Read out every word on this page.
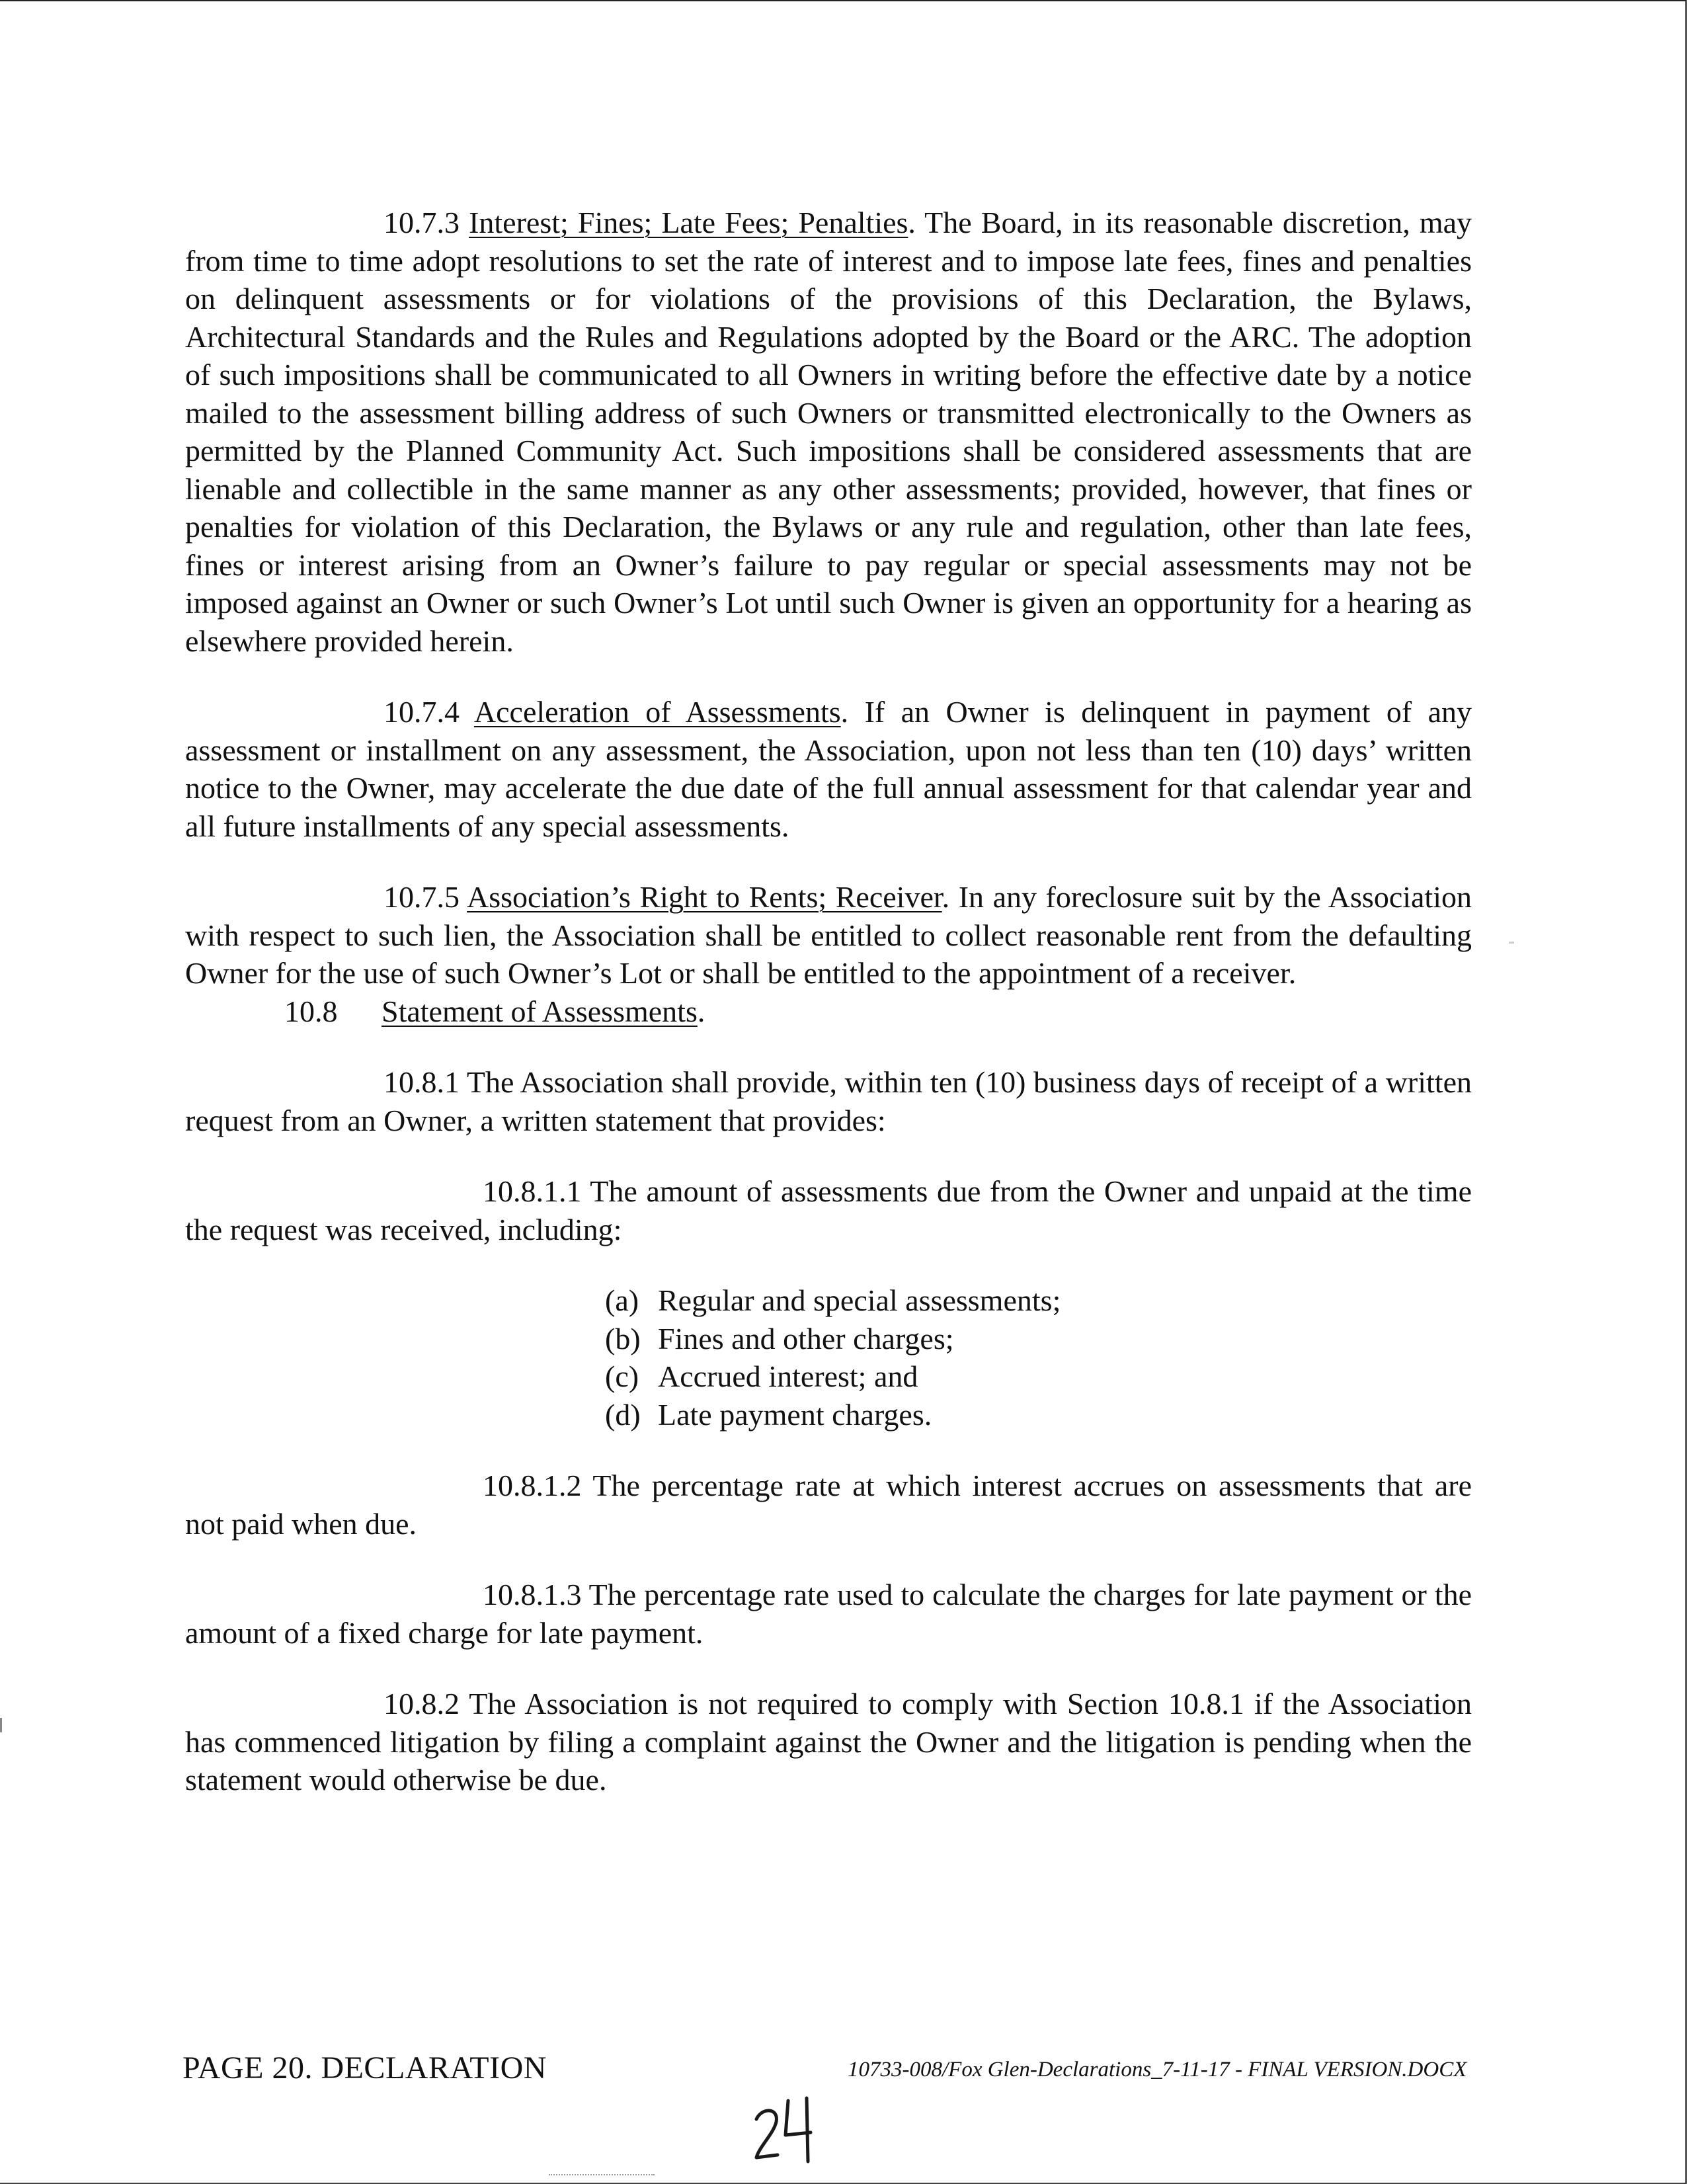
10.7.3 Interest; Fines; Late Fees; Penalties. The Board, in its reasonable discretion, may from time to time adopt resolutions to set the rate of interest and to impose late fees, fines and penalties on delinquent assessments or for violations of the provisions of this Declaration, the Bylaws, Architectural Standards and the Rules and Regulations adopted by the Board or the ARC. The adoption of such impositions shall be communicated to all Owners in writing before the effective date by a notice mailed to the assessment billing address of such Owners or transmitted electronically to the Owners as permitted by the Planned Community Act. Such impositions shall be considered assessments that are lienable and collectible in the same manner as any other assessments; provided, however, that fines or penalties for violation of this Declaration, the Bylaws or any rule and regulation, other than late fees, fines or interest arising from an Owner’s failure to pay regular or special assessments may not be imposed against an Owner or such Owner’s Lot until such Owner is given an opportunity for a hearing as elsewhere provided herein.

10.7.4 Acceleration of Assessments. If an Owner is delinquent in payment of any assessment or installment on any assessment, the Association, upon not less than ten (10) days’ written notice to the Owner, may accelerate the due date of the full annual assessment for that calendar year and all future installments of any special assessments.

10.7.5 Association’s Right to Rents; Receiver. In any foreclosure suit by the Association with respect to such lien, the Association shall be entitled to collect reasonable rent from the defaulting Owner for the use of such Owner’s Lot or shall be entitled to the appointment of a receiver.

10.8 Statement of Assessments.

10.8.1 The Association shall provide, within ten (10) business days of receipt of a written request from an Owner, a written statement that provides:

10.8.1.1 The amount of assessments due from the Owner and unpaid at the time the request was received, including:

(a) Regular and special assessments;
(b) Fines and other charges;
(c) Accrued interest; and
(d) Late payment charges.

10.8.1.2 The percentage rate at which interest accrues on assessments that are not paid when due.

10.8.1.3 The percentage rate used to calculate the charges for late payment or the amount of a fixed charge for late payment.

10.8.2 The Association is not required to comply with Section 10.8.1 if the Association has commenced litigation by filing a complaint against the Owner and the litigation is pending when the statement would otherwise be due.

PAGE 20. DECLARATION	10733-008/Fox Glen-Declarations_7-11-17 - FINAL VERSION.DOCX
